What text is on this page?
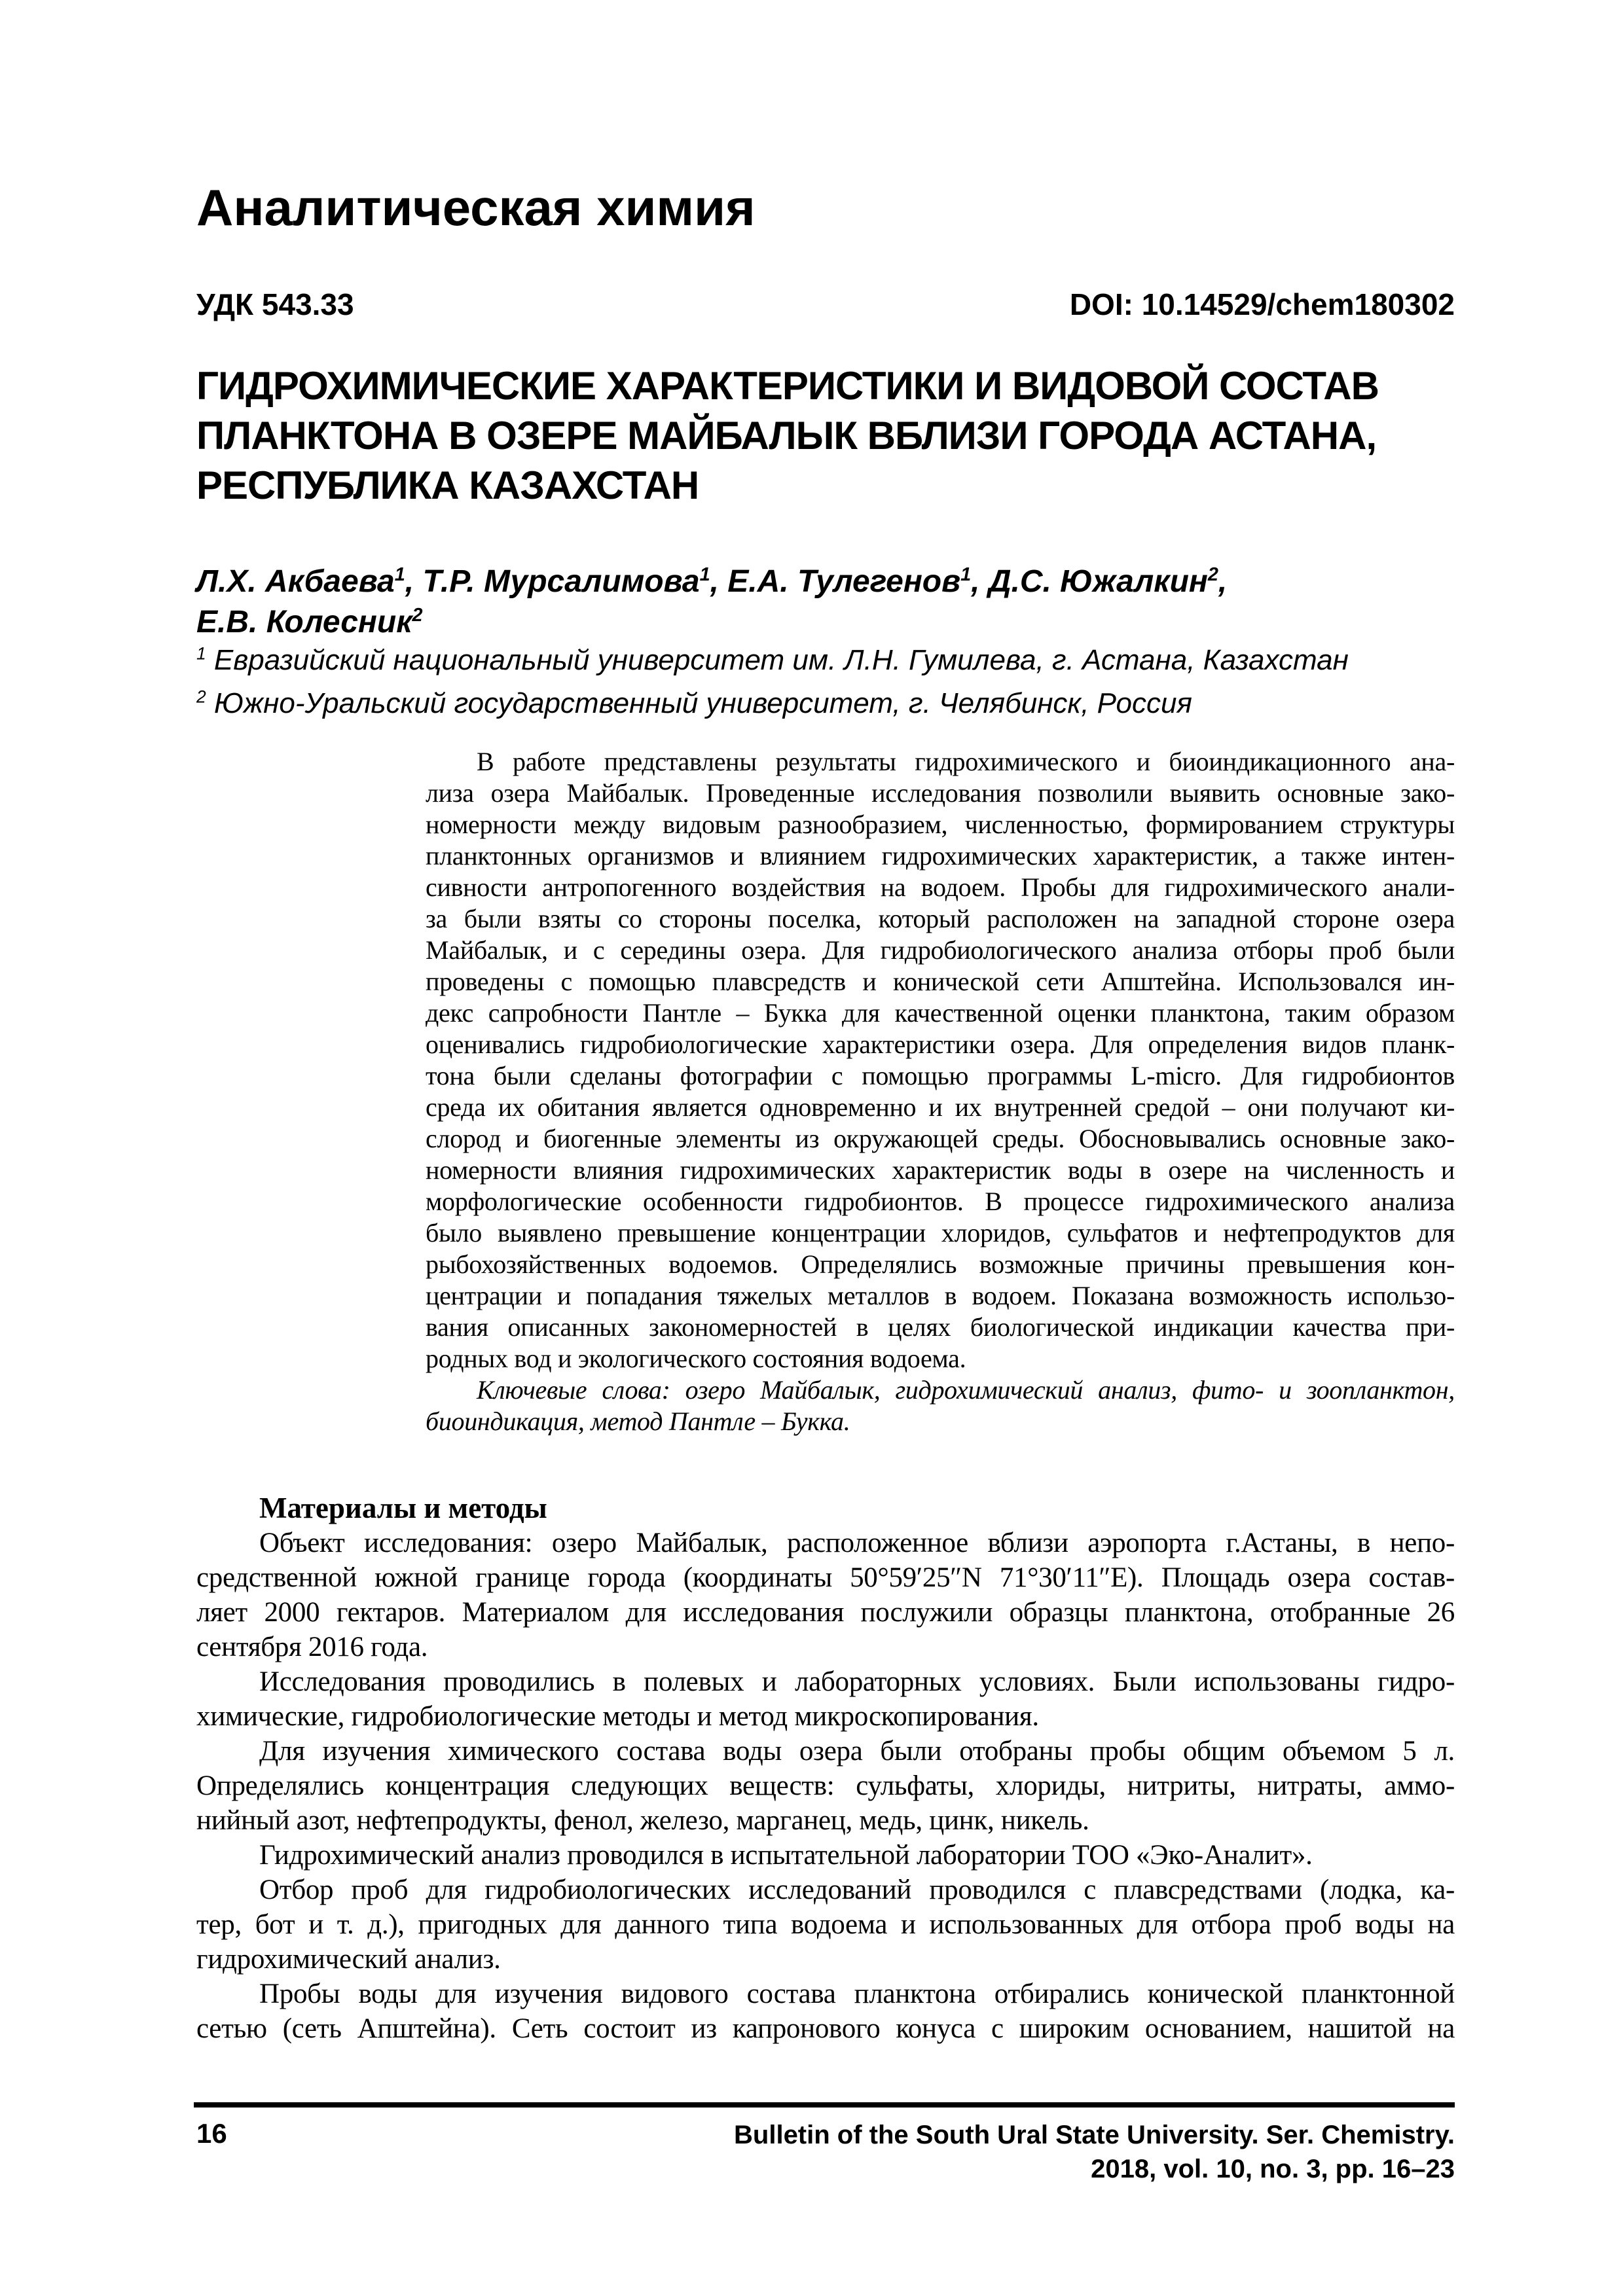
Аналитическая химия
УДК 543.33	DOI: 10.14529/chem180302
ГИДРОХИМИЧЕСКИЕ ХАРАКТЕРИСТИКИ И ВИДОВОЙ СОСТАВ
ПЛАНКТОНА В ОЗЕРЕ МАЙБАЛЫК ВБЛИЗИ ГОРОДА АСТАНА,
РЕСПУБЛИКА КАЗАХСТАН
Л.Х. Акбаева$^1$, Т.Р. Мурсалимова$^1$, Е.А. Тулегенов$^1$, Д.С. Южалкин$^2$,
Е.В. Колесник$^2$
$^1$ Евразийский национальный университет им. Л.Н. Гумилева, г. Астана, Казахстан
$^2$ Южно-Уральский государственный университет, г. Челябинск, Россия
В работе представлены результаты гидрохимического и биоиндикационного ана-
лиза озера Майбалык. Проведенные исследования позволили выявить основные зако-
номерности между видовым разнообразием, численностью, формированием структуры
планктонных организмов и влиянием гидрохимических характеристик, а также интен-
сивности антропогенного воздействия на водоем. Пробы для гидрохимического анали-
за были взяты со стороны поселка, который расположен на западной стороне озера
Майбалык, и с середины озера. Для гидробиологического анализа отборы проб были
проведены с помощью плавсредств и конической сети Апштейна. Использовался ин-
декс сапробности Пантле – Букка для качественной оценки планктона, таким образом
оценивались гидробиологические характеристики озера. Для определения видов планк-
тона были сделаны фотографии с помощью программы L-micro. Для гидробионтов
среда их обитания является одновременно и их внутренней средой – они получают ки-
слород и биогенные элементы из окружающей среды. Обосновывались основные зако-
номерности влияния гидрохимических характеристик воды в озере на численность и
морфологические особенности гидробионтов. В процессе гидрохимического анализа
было выявлено превышение концентрации хлоридов, сульфатов и нефтепродуктов для
рыбохозяйственных водоемов. Определялись возможные причины превышения кон-
центрации и попадания тяжелых металлов в водоем. Показана возможность использо-
вания описанных закономерностей в целях биологической индикации качества при-
родных вод и экологического состояния водоема.
Ключевые слова: озеро Майбалык, гидрохимический анализ, фито- и зоопланктон,
биоиндикация, метод Пантле – Букка.
Материалы и методы
Объект исследования: озеро Майбалык, расположенное вблизи аэропорта г.Астаны, в непо-
средственной южной границе города (координаты 50°59′25″N 71°30′11″E). Площадь озера состав-
ляет 2000 гектаров. Материалом для исследования послужили образцы планктона, отобранные 26
сентября 2016 года.
Исследования проводились в полевых и лабораторных условиях. Были использованы гидро-
химические, гидробиологические методы и метод микроскопирования.
Для изучения химического состава воды озера были отобраны пробы общим объемом 5 л.
Определялись концентрация следующих веществ: сульфаты, хлориды, нитриты, нитраты, аммо-
нийный азот, нефтепродукты, фенол, железо, марганец, медь, цинк, никель.
Гидрохимический анализ проводился в испытательной лаборатории ТОО «Эко-Аналит».
Отбор проб для гидробиологических исследований проводился с плавсредствами (лодка, ка-
тер, бот и т. д.), пригодных для данного типа водоема и использованных для отбора проб воды на
гидрохимический анализ.
Пробы воды для изучения видового состава планктона отбирались конической планктонной
сетью (сеть Апштейна). Сеть состоит из капронового конуса с широким основанием, нашитой на
16	Bulletin of the South Ural State University. Ser. Chemistry.
2018, vol. 10, no. 3, pp. 16–23
